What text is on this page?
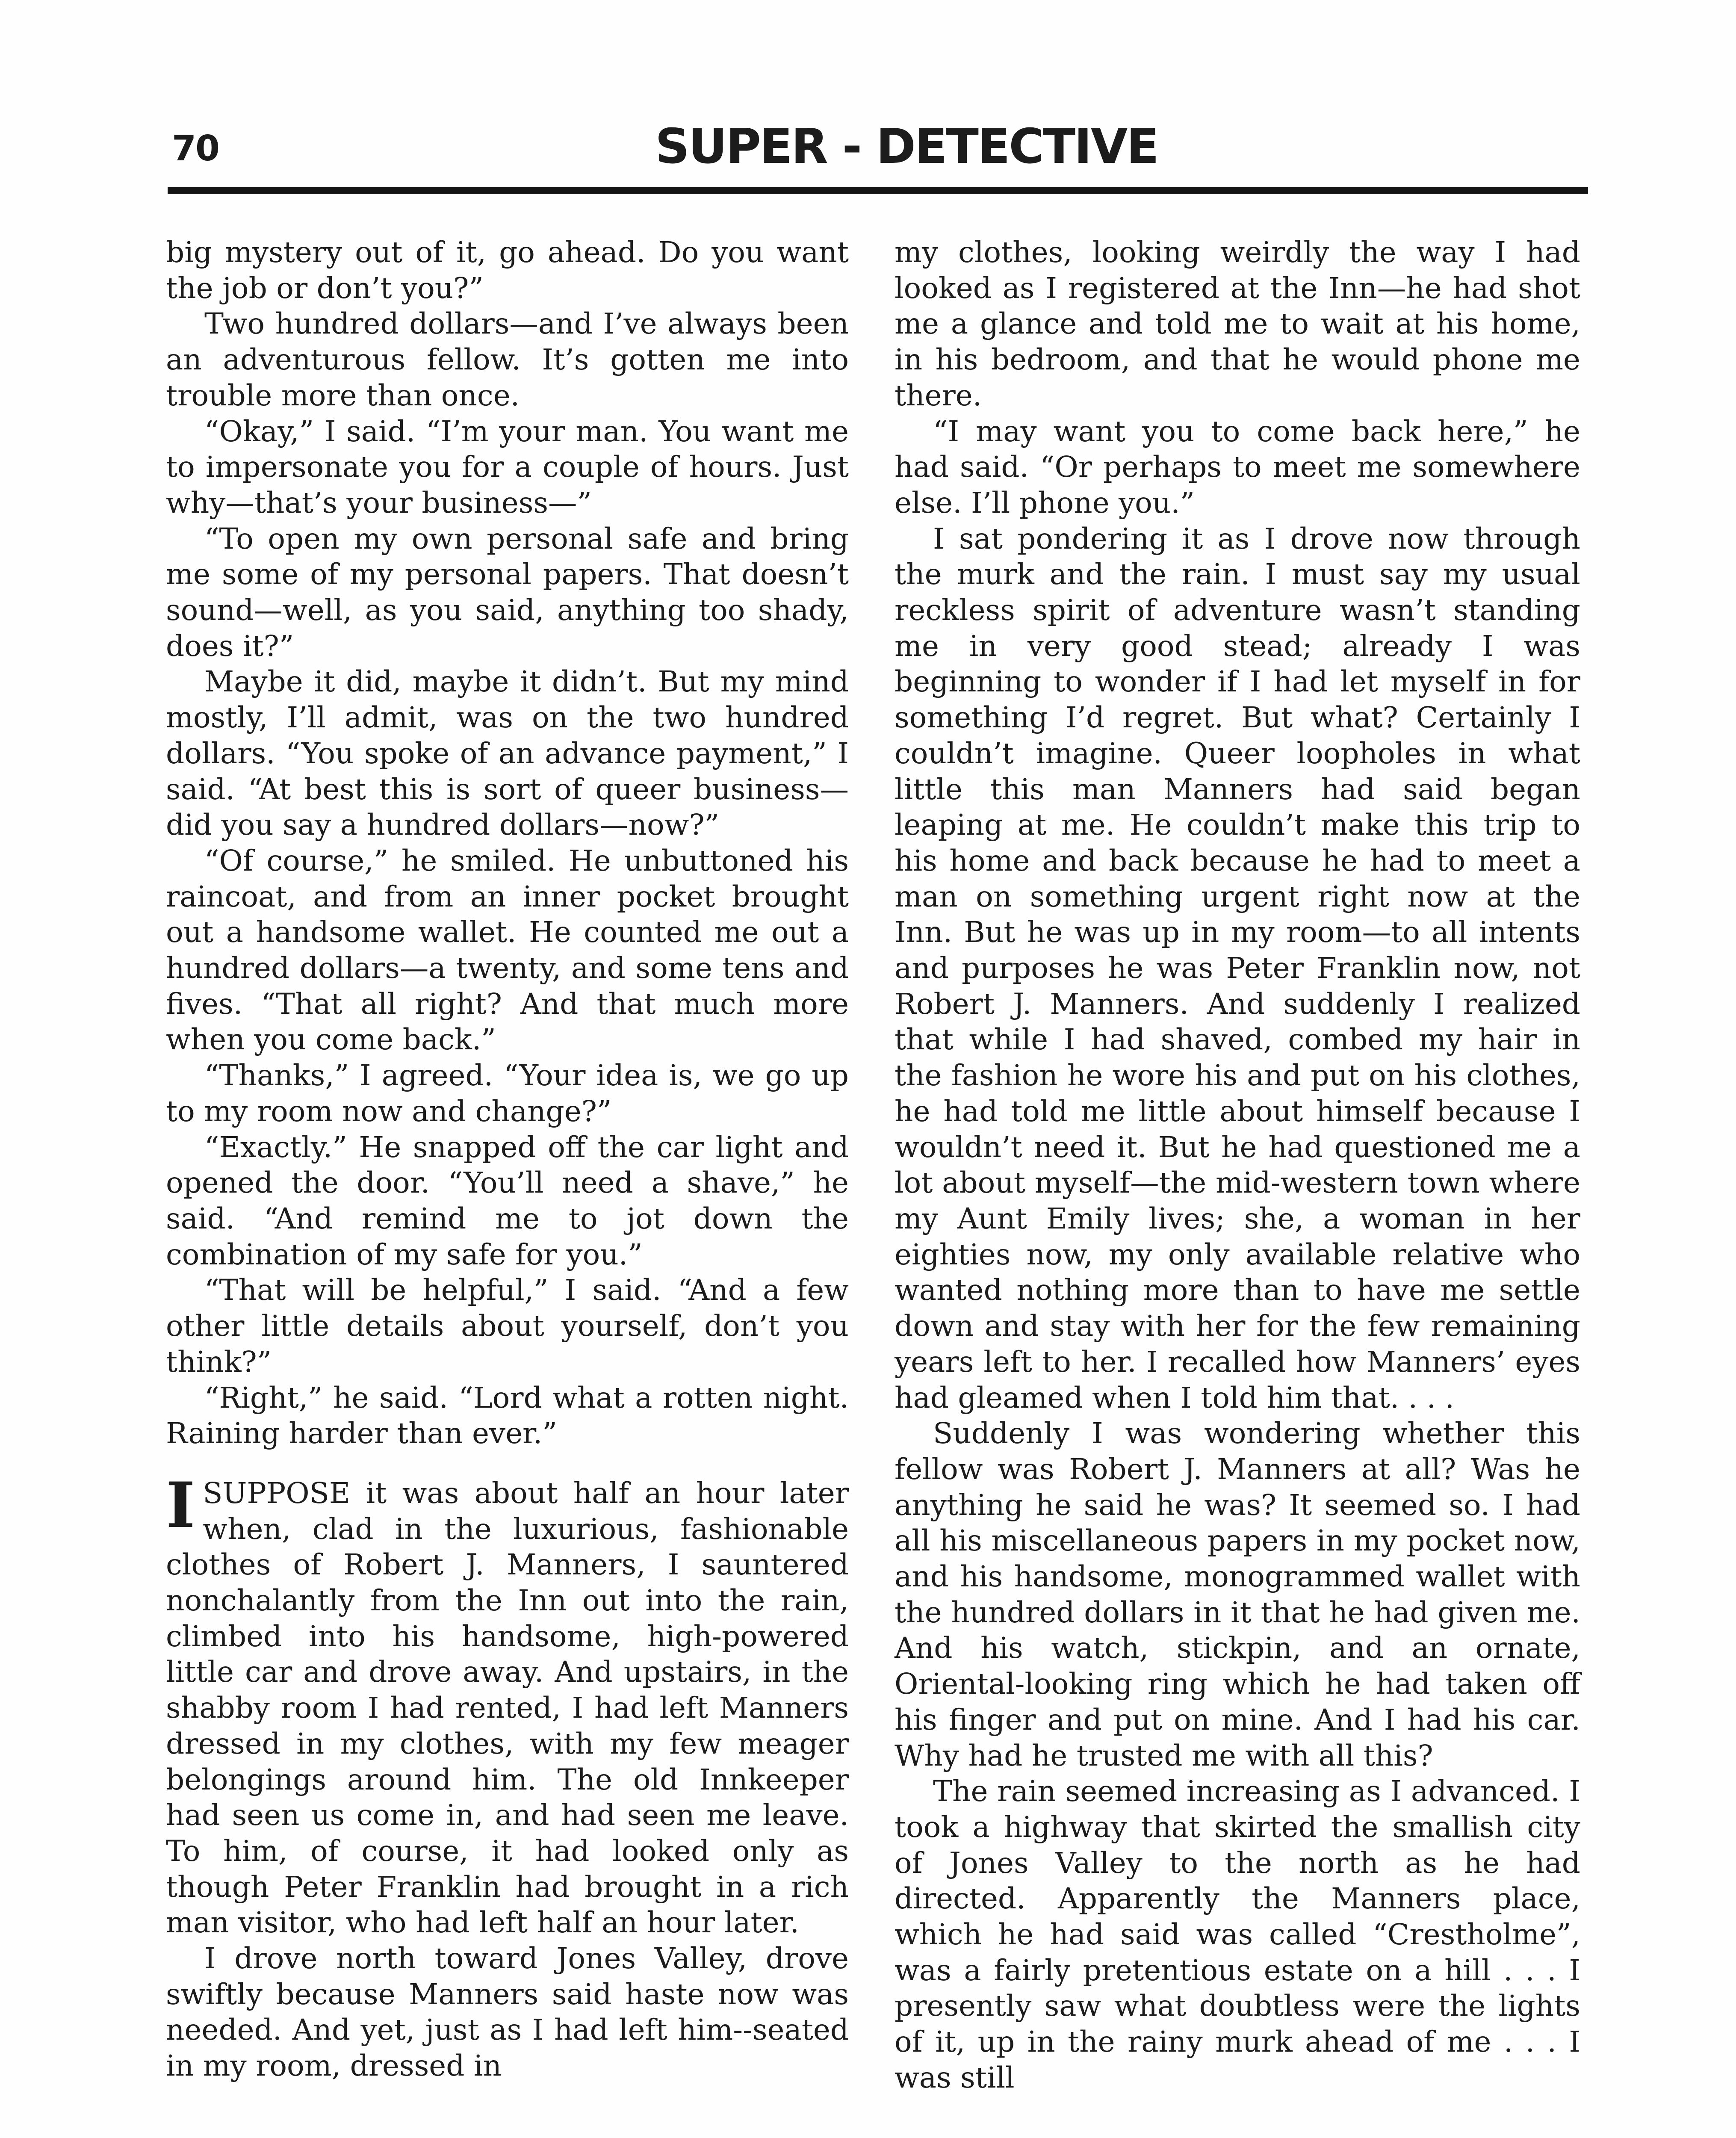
70	SUPER - DETECTIVE

big mystery out of it, go ahead. Do you want the job or don’t you?”

Two hundred dollars—and I’ve always been an adventurous fellow. It’s gotten me into trouble more than once.

“Okay,” I said. “I’m your man. You want me to impersonate you for a couple of hours. Just why—that’s your business—”

“To open my own personal safe and bring me some of my personal papers. That doesn’t sound—well, as you said, anything too shady, does it?”

Maybe it did, maybe it didn’t. But my mind mostly, I’ll admit, was on the two hundred dollars. “You spoke of an advance payment,” I said. “At best this is sort of queer business—did you say a hundred dollars—now?”

“Of course,” he smiled. He unbuttoned his raincoat, and from an inner pocket brought out a handsome wallet. He counted me out a hundred dollars—a twenty, and some tens and fives. “That all right? And that much more when you come back.”

“Thanks,” I agreed. “Your idea is, we go up to my room now and change?”

“Exactly.” He snapped off the car light and opened the door. “You’ll need a shave,” he said. “And remind me to jot down the combination of my safe for you.”

“That will be helpful,” I said. “And a few other little details about yourself, don’t you think?”

“Right,” he said. “Lord what a rotten night. Raining harder than ever.”

ISUPPOSE it was about half an hour later when, clad in the luxurious, fashionable clothes of Robert J. Manners, I sauntered nonchalantly from the Inn out into the rain, climbed into his handsome, high-powered little car and drove away. And upstairs, in the shabby room I had rented, I had left Manners dressed in my clothes, with my few meager belongings around him. The old Innkeeper had seen us come in, and had seen me leave. To him, of course, it had looked only as though Peter Franklin had brought in a rich man visitor, who had left half an hour later.

I drove north toward Jones Valley, drove swiftly because Manners said haste now was needed. And yet, just as I had left him--seated in my room, dressed in

my clothes, looking weirdly the way I had looked as I registered at the Inn—he had shot me a glance and told me to wait at his home, in his bedroom, and that he would phone me there.

“I may want you to come back here,” he had said. “Or perhaps to meet me somewhere else. I’ll phone you.”

I sat pondering it as I drove now through the murk and the rain. I must say my usual reckless spirit of adventure wasn’t standing me in very good stead; already I was beginning to wonder if I had let myself in for something I’d regret. But what? Certainly I couldn’t imagine. Queer loopholes in what little this man Manners had said began leaping at me. He couldn’t make this trip to his home and back because he had to meet a man on something urgent right now at the Inn. But he was up in my room—to all intents and purposes he was Peter Franklin now, not Robert J. Manners. And suddenly I realized that while I had shaved, combed my hair in the fashion he wore his and put on his clothes, he had told me little about himself because I wouldn’t need it. But he had questioned me a lot about myself—the mid-western town where my Aunt Emily lives; she, a woman in her eighties now, my only available relative who wanted nothing more than to have me settle down and stay with her for the few remaining years left to her. I recalled how Manners’ eyes had gleamed when I told him that. . . .

Suddenly I was wondering whether this fellow was Robert J. Manners at all? Was he anything he said he was? It seemed so. I had all his miscellaneous papers in my pocket now, and his handsome, monogrammed wallet with the hundred dollars in it that he had given me. And his watch, stickpin, and an ornate, Oriental-looking ring which he had taken off his finger and put on mine. And I had his car. Why had he trusted me with all this?

The rain seemed increasing as I advanced. I took a highway that skirted the smallish city of Jones Valley to the north as he had directed. Apparently the Manners place, which he had said was called “Crestholme”, was a fairly pretentious estate on a hill . . . I presently saw what doubtless were the lights of it, up in the rainy murk ahead of me . . . I was still
